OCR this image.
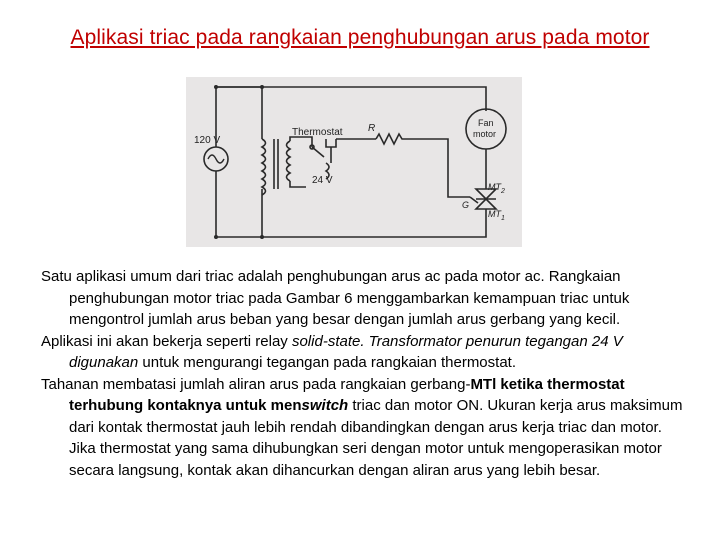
Aplikasi triac pada rangkaian penghubungan arus pada motor
120 V
Thermostat	R
24 V
Fan
motor
$MT_2$
G
$MT_1$

Satu aplikasi umum dari triac adalah penghubungan arus ac pada motor ac. Rangkaian penghubungan motor triac pada Gambar 6 menggambarkan kemampuan triac untuk mengontrol jumlah arus beban yang besar dengan jumlah arus gerbang yang kecil.

Aplikasi ini akan bekerja seperti relay solid-state. Transformator penurun tegangan 24 V digunakan untuk mengurangi tegangan pada rangkaian thermostat.

Tahanan membatasi jumlah aliran arus pada rangkaian gerbang-MTl ketika thermostat terhubung kontaknya untuk menswitch triac dan motor ON. Ukuran kerja arus maksimum dari kontak thermostat jauh lebih rendah dibandingkan dengan arus kerja triac dan motor. Jika thermostat yang sama dihubungkan seri dengan motor untuk mengoperasikan motor secara langsung, kontak akan dihancurkan dengan aliran arus yang lebih besar.
